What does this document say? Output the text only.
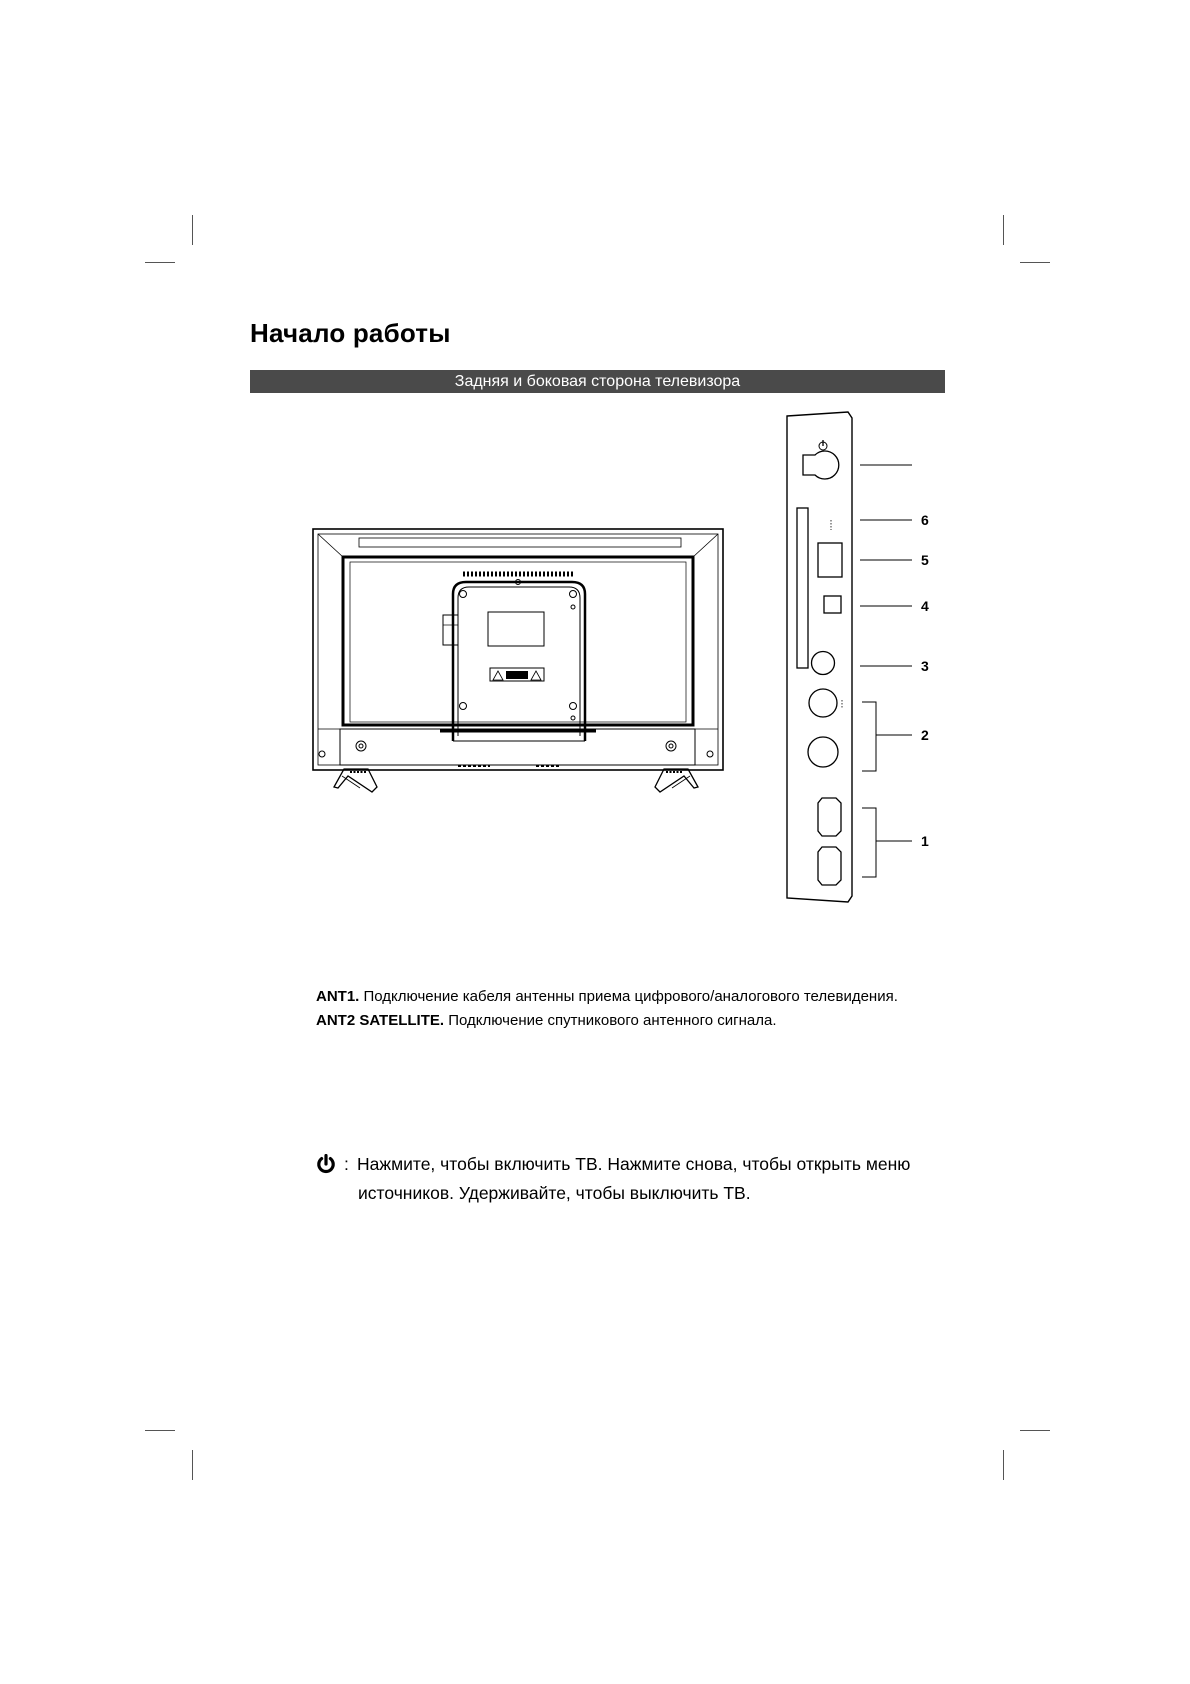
Начало работы
Задняя и боковая сторона телевизора
6
5
4
3
2
1
ANT1. Подключение кабеля антенны приема цифрового/аналогового телевидения.
ANT2 SATELLITE. Подключение спутникового антенного сигнала.
: Нажмите, чтобы включить ТВ. Нажмите снова, чтобы открыть меню
источников. Удерживайте, чтобы выключить ТВ.
